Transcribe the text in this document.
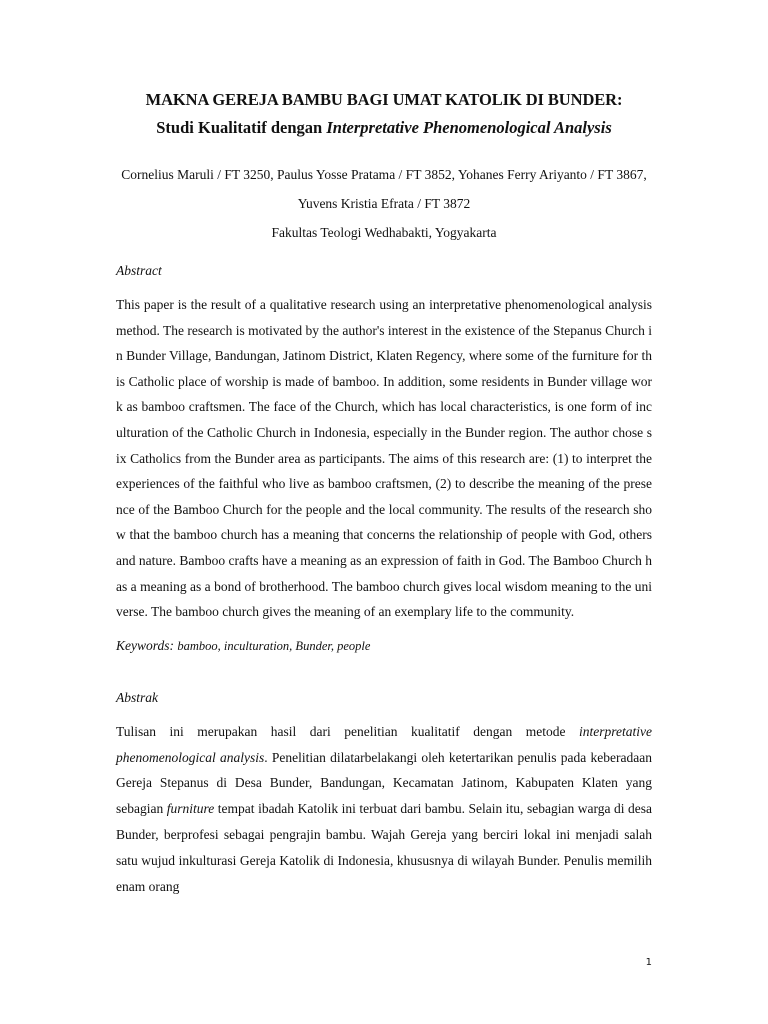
MAKNA GEREJA BAMBU BAGI UMAT KATOLIK DI BUNDER:
Studi Kualitatif dengan Interpretative Phenomenological Analysis

Cornelius Maruli / FT 3250, Paulus Yosse Pratama / FT 3852, Yohanes Ferry Ariyanto / FT 3867, Yuvens Kristia Efrata / FT 3872

Fakultas Teologi Wedhabakti, Yogyakarta

Abstract

This paper is the result of a qualitative research using an interpretative phenomenological analysis method. The research is motivated by the author's interest in the existence of the Stepanus Church in Bunder Village, Bandungan, Jatinom District, Klaten Regency, where some of the furniture for this Catholic place of worship is made of bamboo. In addition, some residents in Bunder village work as bamboo craftsmen. The face of the Church, which has local characteristics, is one form of inculturation of the Catholic Church in Indonesia, especially in the Bunder region. The author chose six Catholics from the Bunder area as participants. The aims of this research are: (1) to interpret the experiences of the faithful who live as bamboo craftsmen, (2) to describe the meaning of the presence of the Bamboo Church for the people and the local community. The results of the research show that the bamboo church has a meaning that concerns the relationship of people with God, others and nature. Bamboo crafts have a meaning as an expression of faith in God. The Bamboo Church has a meaning as a bond of brotherhood. The bamboo church gives local wisdom meaning to the universe. The bamboo church gives the meaning of an exemplary life to the community.

Keywords: bamboo, inculturation, Bunder, people

Abstrak

Tulisan ini merupakan hasil dari penelitian kualitatif dengan metode interpretative phenomenological analysis. Penelitian dilatarbelakangi oleh ketertarikan penulis pada keberadaan Gereja Stepanus di Desa Bunder, Bandungan, Kecamatan Jatinom, Kabupaten Klaten yang sebagian furniture tempat ibadah Katolik ini terbuat dari bambu. Selain itu, sebagian warga di desa Bunder, berprofesi sebagai pengrajin bambu. Wajah Gereja yang berciri lokal ini menjadi salah satu wujud inkulturasi Gereja Katolik di Indonesia, khususnya di wilayah Bunder. Penulis memilih enam orang

1
